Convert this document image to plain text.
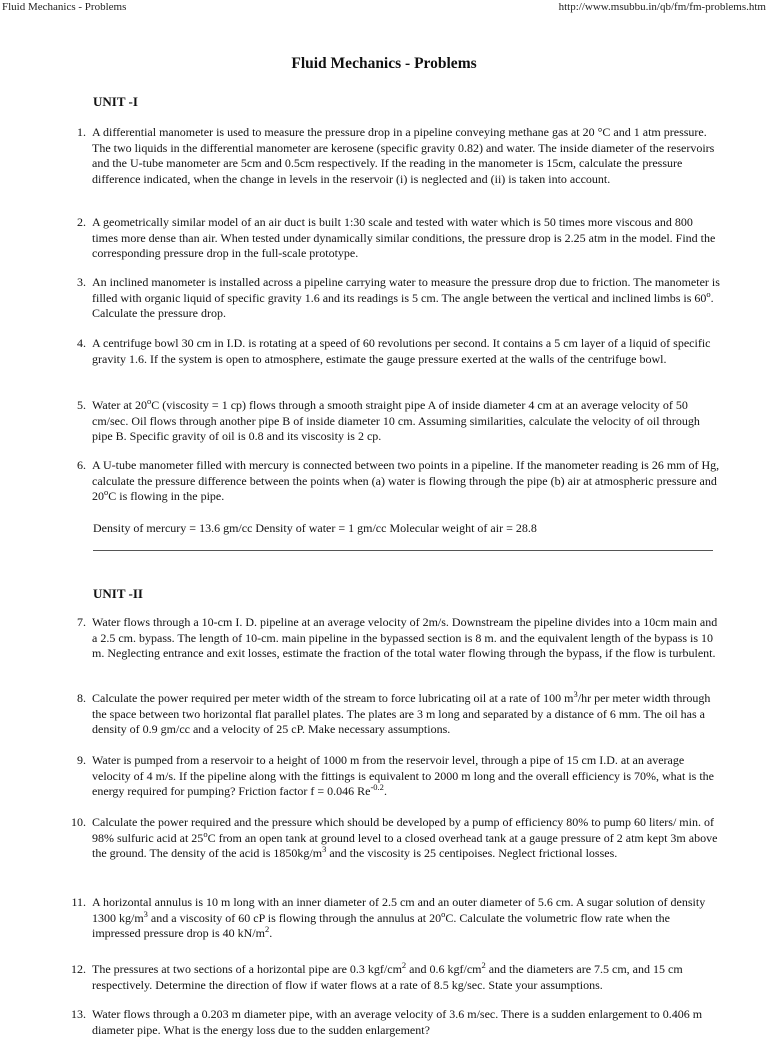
Fluid Mechanics - Problems	http://www.msubbu.in/qb/fm/fm-problems.htm
Fluid Mechanics - Problems
UNIT -I
1. A differential manometer is used to measure the pressure drop in a pipeline conveying methane gas at 20 °C and 1 atm pressure. The two liquids in the differential manometer are kerosene (specific gravity 0.82) and water. The inside diameter of the reservoirs and the U-tube manometer are 5cm and 0.5cm respectively. If the reading in the manometer is 15cm, calculate the pressure difference indicated, when the change in levels in the reservoir (i) is neglected and (ii) is taken into account.
2. A geometrically similar model of an air duct is built 1:30 scale and tested with water which is 50 times more viscous and 800 times more dense than air. When tested under dynamically similar conditions, the pressure drop is 2.25 atm in the model. Find the corresponding pressure drop in the full-scale prototype.
3. An inclined manometer is installed across a pipeline carrying water to measure the pressure drop due to friction. The manometer is filled with organic liquid of specific gravity 1.6 and its readings is 5 cm. The angle between the vertical and inclined limbs is 60$^o$. Calculate the pressure drop.
4. A centrifuge bowl 30 cm in I.D. is rotating at a speed of 60 revolutions per second. It contains a 5 cm layer of a liquid of specific gravity 1.6. If the system is open to atmosphere, estimate the gauge pressure exerted at the walls of the centrifuge bowl.
5. Water at 20$^o$C (viscosity = 1 cp) flows through a smooth straight pipe A of inside diameter 4 cm at an average velocity of 50 cm/sec. Oil flows through another pipe B of inside diameter 10 cm. Assuming similarities, calculate the velocity of oil through pipe B. Specific gravity of oil is 0.8 and its viscosity is 2 cp.
6. A U-tube manometer filled with mercury is connected between two points in a pipeline. If the manometer reading is 26 mm of Hg, calculate the pressure difference between the points when (a) water is flowing through the pipe (b) air at atmospheric pressure and 20$^o$C is flowing in the pipe.
Density of mercury = 13.6 gm/cc Density of water = 1 gm/cc Molecular weight of air = 28.8
UNIT -II
7. Water flows through a 10-cm I. D. pipeline at an average velocity of 2m/s. Downstream the pipeline divides into a 10cm main and a 2.5 cm. bypass. The length of 10-cm. main pipeline in the bypassed section is 8 m. and the equivalent length of the bypass is 10 m. Neglecting entrance and exit losses, estimate the fraction of the total water flowing through the bypass, if the flow is turbulent.
8. Calculate the power required per meter width of the stream to force lubricating oil at a rate of 100 $m^3/hr$ per meter width through the space between two horizontal flat parallel plates. The plates are 3 m long and separated by a distance of 6 mm. The oil has a density of 0.9 gm/cc and a velocity of 25 cP. Make necessary assumptions.
9. Water is pumped from a reservoir to a height of 1000 m from the reservoir level, through a pipe of 15 cm I.D. at an average velocity of 4 m/s. If the pipeline along with the fittings is equivalent to 2000 m long and the overall efficiency is 70%, what is the energy required for pumping? Friction factor f = 0.046 $Re^{-0.2}$.
10. Calculate the power required and the pressure which should be developed by a pump of efficiency 80% to pump 60 liters/ min. of 98% sulfuric acid at 25$^o$C from an open tank at ground level to a closed overhead tank at a gauge pressure of 2 atm kept 3m above the ground. The density of the acid is $1850kg/m^3$ and the viscosity is 25 centipoises. Neglect frictional losses.
11. A horizontal annulus is 10 m long with an inner diameter of 2.5 cm and an outer diameter of 5.6 cm. A sugar solution of density 1300 $kg/m^3$ and a viscosity of 60 cP is flowing through the annulus at 20$^o$C. Calculate the volumetric flow rate when the impressed pressure drop is 40 $kN/m^2$.
12. The pressures at two sections of a horizontal pipe are 0.3 kgf/$cm^2$ and 0.6 kgf/$cm^2$ and the diameters are 7.5 cm, and 15 cm respectively. Determine the direction of flow if water flows at a rate of 8.5 kg/sec. State your assumptions.
13. Water flows through a 0.203 m diameter pipe, with an average velocity of 3.6 m/sec. There is a sudden enlargement to 0.406 m diameter pipe. What is the energy loss due to the sudden enlargement?
